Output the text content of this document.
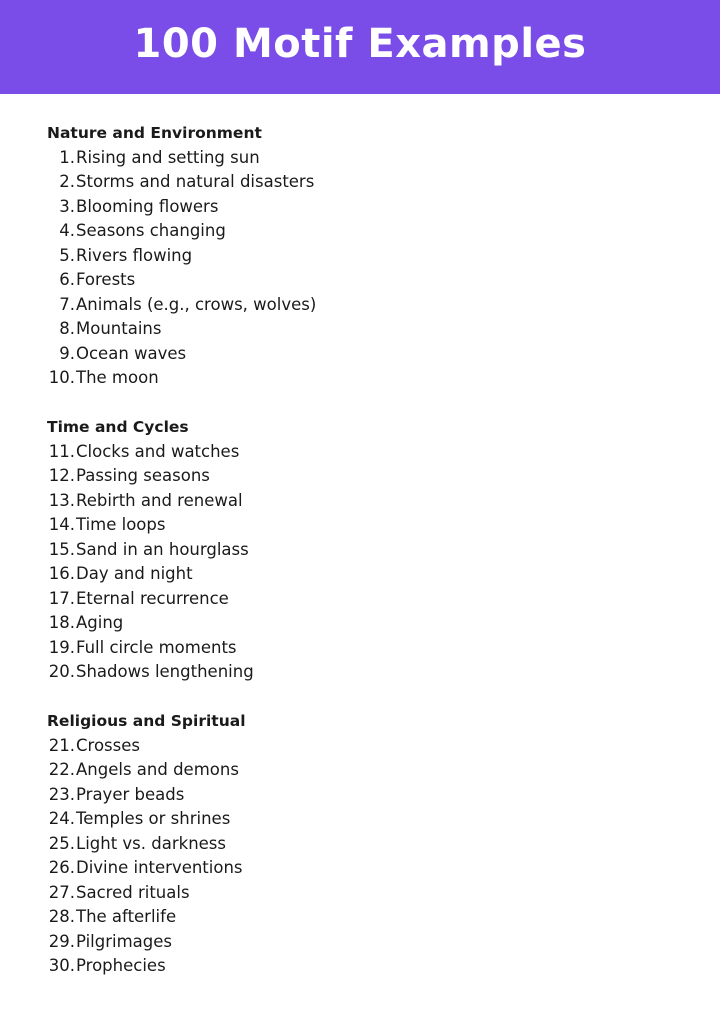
100 Motif Examples
Nature and Environment
1. Rising and setting sun
2. Storms and natural disasters
3. Blooming flowers
4. Seasons changing
5. Rivers flowing
6. Forests
7. Animals (e.g., crows, wolves)
8. Mountains
9. Ocean waves
10. The moon
Time and Cycles
11. Clocks and watches
12. Passing seasons
13. Rebirth and renewal
14. Time loops
15. Sand in an hourglass
16. Day and night
17. Eternal recurrence
18. Aging
19. Full circle moments
20. Shadows lengthening
Religious and Spiritual
21. Crosses
22. Angels and demons
23. Prayer beads
24. Temples or shrines
25. Light vs. darkness
26. Divine interventions
27. Sacred rituals
28. The afterlife
29. Pilgrimages
30. Prophecies
